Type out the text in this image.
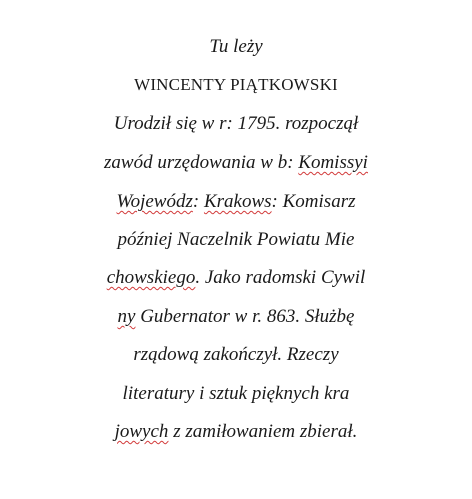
Tu leży
WINCENTY PIĄTKOWSKI
Urodził się w r: 1795. rozpoczął
zawód urzędowania w b: Komissyi
Wojewódz: Krakows: Komisarz
później Naczelnik Powiatu Mie
chowskiego. Jako radomski Cywil
ny Gubernator w r. 863. Służbę
rządową zakończył. Rzeczy
literatury i sztuk pięknych kra
jowych z zamiłowaniem zbierał.
